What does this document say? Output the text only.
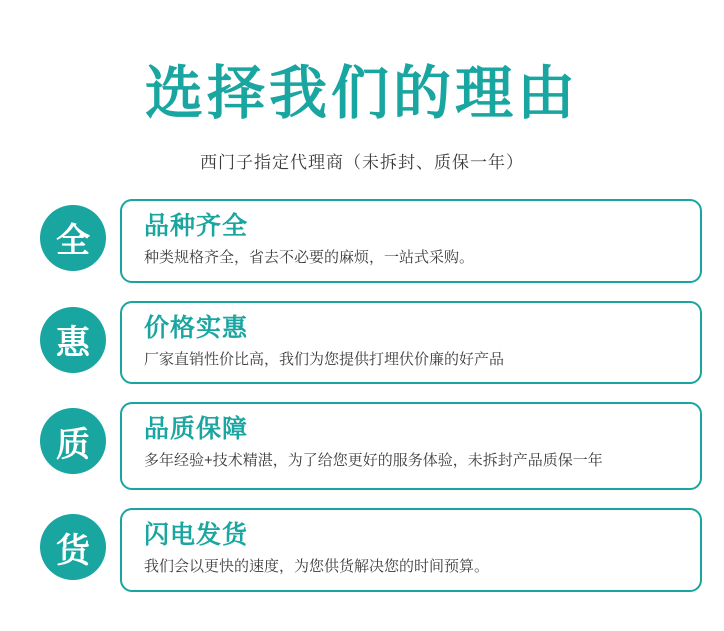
选择我们的理由
西门子指定代理商（未拆封、质保一年）
全	品种齐全
种类规格齐全，省去不必要的麻烦，一站式采购。
惠	价格实惠
厂家直销性价比高，我们为您提供打埋伏价廉的好产品
质	品质保障
多年经验+技术精湛，为了给您更好的服务体验，未拆封产品质保一年
货	闪电发货
我们会以更快的速度，为您供货解决您的时间预算。
